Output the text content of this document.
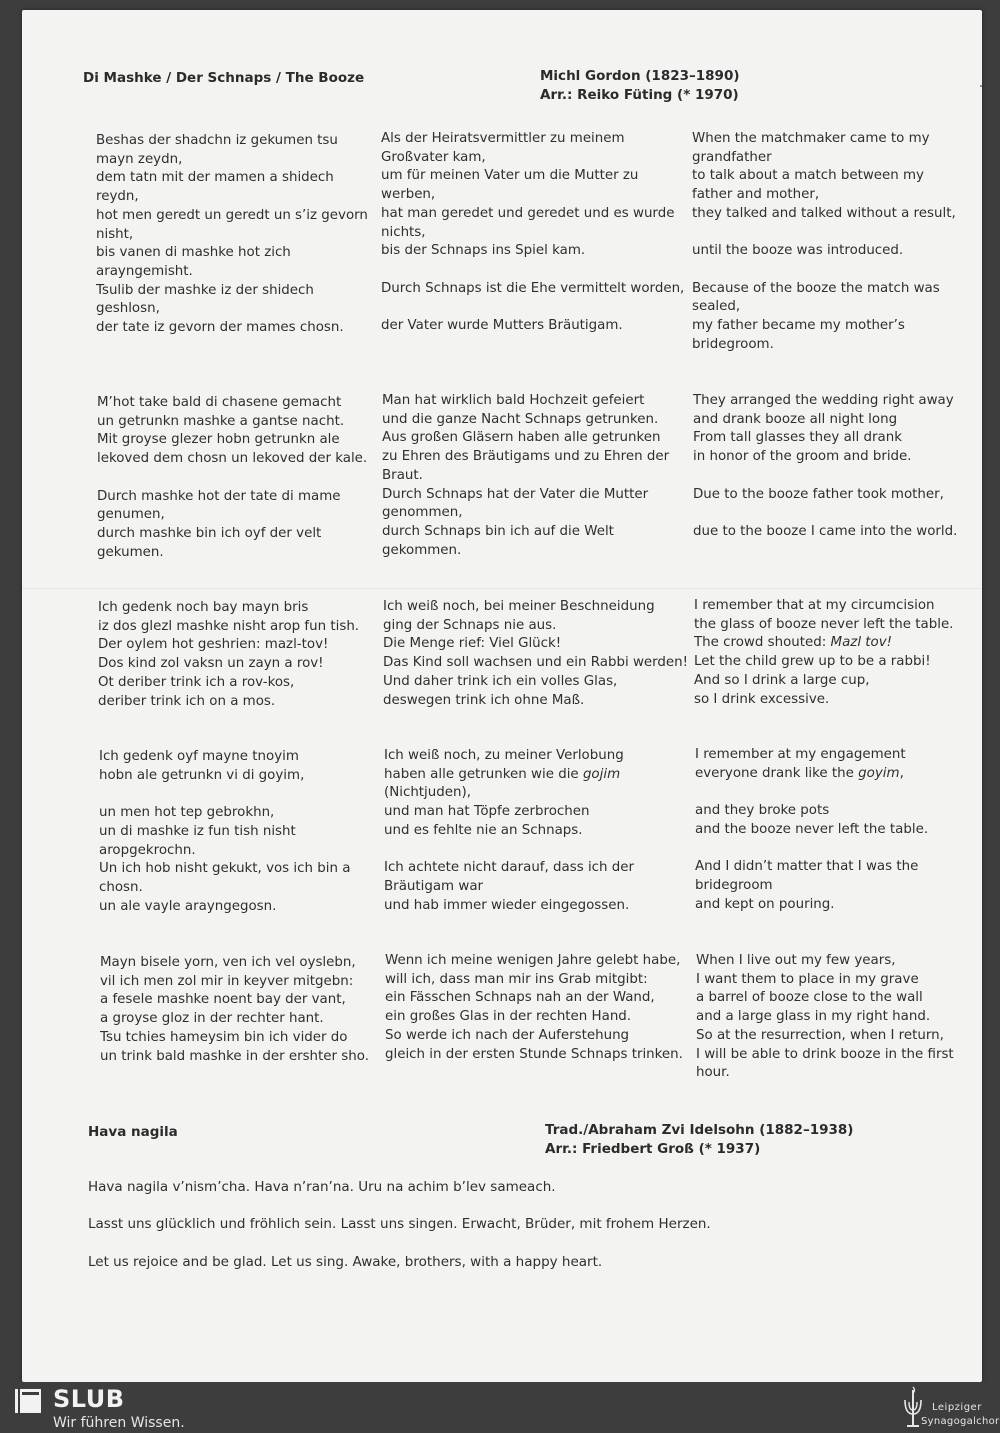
Di Mashke / Der Schnaps / The Booze	Michl Gordon (1823–1890)
Arr.: Reiko Füting (* 1970)
Beshas der shadchn iz gekumen tsu
mayn zeydn,
dem tatn mit der mamen a shidech
reydn,
hot men geredt un geredt un s’iz gevorn
nisht,
bis vanen di mashke hot zich
arayngemisht.
Tsulib der mashke iz der shidech
geshlosn,
der tate iz gevorn der mames chosn.
Als der Heiratsvermittler zu meinem
Großvater kam,
um für meinen Vater um die Mutter zu
werben,
hat man geredet und geredet und es wurde
nichts,
bis der Schnaps ins Spiel kam.
Durch Schnaps ist die Ehe vermittelt worden,
der Vater wurde Mutters Bräutigam.
When the matchmaker came to my
grandfather
to talk about a match between my
father and mother,
they talked and talked without a result,
until the booze was introduced.
Because of the booze the match was
sealed,
my father became my mother’s
bridegroom.
M’hot take bald di chasene gemacht
un getrunkn mashke a gantse nacht.
Mit groyse glezer hobn getrunkn ale
lekoved dem chosn un lekoved der kale.
Durch mashke hot der tate di mame
genumen,
durch mashke bin ich oyf der velt
gekumen.
Man hat wirklich bald Hochzeit gefeiert
und die ganze Nacht Schnaps getrunken.
Aus großen Gläsern haben alle getrunken
zu Ehren des Bräutigams und zu Ehren der
Braut.
Durch Schnaps hat der Vater die Mutter
genommen,
durch Schnaps bin ich auf die Welt
gekommen.
They arranged the wedding right away
and drank booze all night long
From tall glasses they all drank
in honor of the groom and bride.
Due to the booze father took mother,
due to the booze I came into the world.
Ich gedenk noch bay mayn bris
iz dos glezl mashke nisht arop fun tish.
Der oylem hot geshrien: mazl-tov!
Dos kind zol vaksn un zayn a rov!
Ot deriber trink ich a rov-kos,
deriber trink ich on a mos.
Ich weiß noch, bei meiner Beschneidung
ging der Schnaps nie aus.
Die Menge rief: Viel Glück!
Das Kind soll wachsen und ein Rabbi werden!
Und daher trink ich ein volles Glas,
deswegen trink ich ohne Maß.
I remember that at my circumcision
the glass of booze never left the table.
The crowd shouted: Mazl tov!
Let the child grew up to be a rabbi!
And so I drink a large cup,
so I drink excessive.
Ich gedenk oyf mayne tnoyim
hobn ale getrunkn vi di goyim,
un men hot tep gebrokhn,
un di mashke iz fun tish nisht
aropgekrochn.
Un ich hob nisht gekukt, vos ich bin a
chosn.
un ale vayle arayngegosn.
Ich weiß noch, zu meiner Verlobung
haben alle getrunken wie die gojim
(Nichtjuden),
und man hat Töpfe zerbrochen
und es fehlte nie an Schnaps.
Ich achtete nicht darauf, dass ich der
Bräutigam war
und hab immer wieder eingegossen.
I remember at my engagement
everyone drank like the goyim,
and they broke pots
and the booze never left the table.
And I didn’t matter that I was the
bridegroom
and kept on pouring.
Mayn bisele yorn, ven ich vel oyslebn,
vil ich men zol mir in keyver mitgebn:
a fesele mashke noent bay der vant,
a groyse gloz in der rechter hant.
Tsu tchies hameysim bin ich vider do
un trink bald mashke in der ershter sho.
Wenn ich meine wenigen Jahre gelebt habe,
will ich, dass man mir ins Grab mitgibt:
ein Fässchen Schnaps nah an der Wand,
ein großes Glas in der rechten Hand.
So werde ich nach der Auferstehung
gleich in der ersten Stunde Schnaps trinken.
When I live out my few years,
I want them to place in my grave
a barrel of booze close to the wall
and a large glass in my right hand.
So at the resurrection, when I return,
I will be able to drink booze in the first
hour.
Hava nagila	Trad./Abraham Zvi Idelsohn (1882–1938)
Arr.: Friedbert Groß (* 1937)
Hava nagila v’nism’cha. Hava n’ran’na. Uru na achim b’lev sameach.
Lasst uns glücklich und fröhlich sein. Lasst uns singen. Erwacht, Brüder, mit frohem Herzen.
Let us rejoice and be glad. Let us sing. Awake, brothers, with a happy heart.
SLUB
Wir führen Wissen.
Leipziger
Synagogalchor
